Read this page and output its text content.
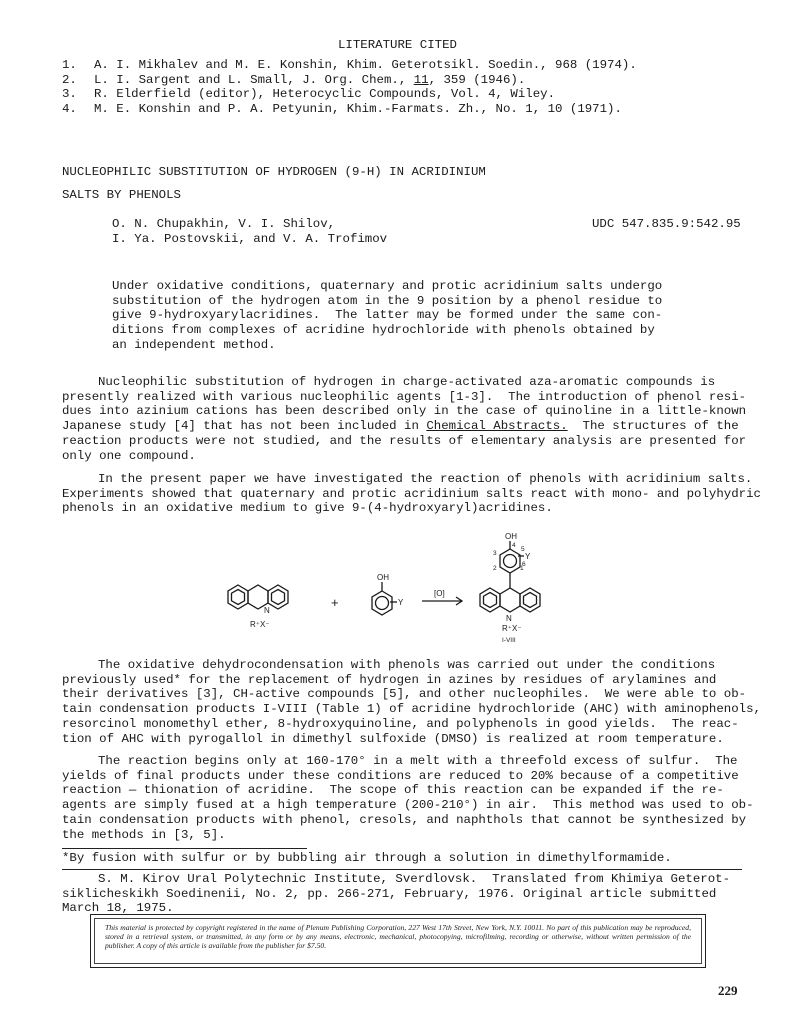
LITERATURE CITED
1. A. I. Mikhalev and M. E. Konshin, Khim. Geterotsikl. Soedin., 968 (1974).
2. L. I. Sargent and L. Small, J. Org. Chem., 11, 359 (1946).
3. R. Elderfield (editor), Heterocyclic Compounds, Vol. 4, Wiley.
4. M. E. Konshin and P. A. Petyunin, Khim.-Farmats. Zh., No. 1, 10 (1971).
NUCLEOPHILIC SUBSTITUTION OF HYDROGEN (9-H) IN ACRIDINIUM
SALTS BY PHENOLS
O. N. Chupakhin, V. I. Shilov,
I. Ya. Postovskii, and V. A. Trofimov
UDC 547.835.9:542.95
Under oxidative conditions, quaternary and protic acridinium salts undergo
substitution of the hydrogen atom in the 9 position by a phenol residue to
give 9-hydroxyarylacridines.  The latter may be formed under the same con-
ditions from complexes of acridine hydrochloride with phenols obtained by
an independent method.
Nucleophilic substitution of hydrogen in charge-activated aza-aromatic compounds is
presently realized with various nucleophilic agents [1-3].  The introduction of phenol resi-
dues into azinium cations has been described only in the case of quinoline in a little-known
Japanese study [4] that has not been included in Chemical Abstracts.  The structures of the
reaction products were not studied, and the results of elementary analysis are presented for
only one compound.
In the present paper we have investigated the reaction of phenols with acridinium salts.
Experiments showed that quaternary and protic acridinium salts react with mono- and polyhydric
phenols in an oxidative medium to give 9-(4-hydroxyaryl)acridines.
OH
OH
N
N
R⁺X⁻	R⁺X⁻
Y
Y
+
[O]
I-VIII
1
2
3
4
5
6
The oxidative dehydrocondensation with phenols was carried out under the conditions
previously used* for the replacement of hydrogen in azines by residues of arylamines and
their derivatives [3], CH-active compounds [5], and other nucleophiles.  We were able to ob-
tain condensation products I-VIII (Table 1) of acridine hydrochloride (AHC) with aminophenols,
resorcinol monomethyl ether, 8-hydroxyquinoline, and polyphenols in good yields.  The reac-
tion of AHC with pyrogallol in dimethyl sulfoxide (DMSO) is realized at room temperature.
The reaction begins only at 160-170° in a melt with a threefold excess of sulfur.  The
yields of final products under these conditions are reduced to 20% because of a competitive
reaction — thionation of acridine.  The scope of this reaction can be expanded if the re-
agents are simply fused at a high temperature (200-210°) in air.  This method was used to ob-
tain condensation products with phenol, cresols, and naphthols that cannot be synthesized by
the methods in [3, 5].
*By fusion with sulfur or by bubbling air through a solution in dimethylformamide.
S. M. Kirov Ural Polytechnic Institute, Sverdlovsk.  Translated from Khimiya Geterot-
siklicheskikh Soedinenii, No. 2, pp. 266-271, February, 1976. Original article submitted
March 18, 1975.
This material is protected by copyright registered in the name of Plenum Publishing Corporation, 227 West 17th Street, New York, N.Y. 10011. No part of this publication may be reproduced, stored in a retrieval system, or transmitted, in any form or by any means, electronic, mechanical, photocopying, microfilming, recording or otherwise, without written permission of the publisher. A copy of this article is available from the publisher for $7.50.
229
